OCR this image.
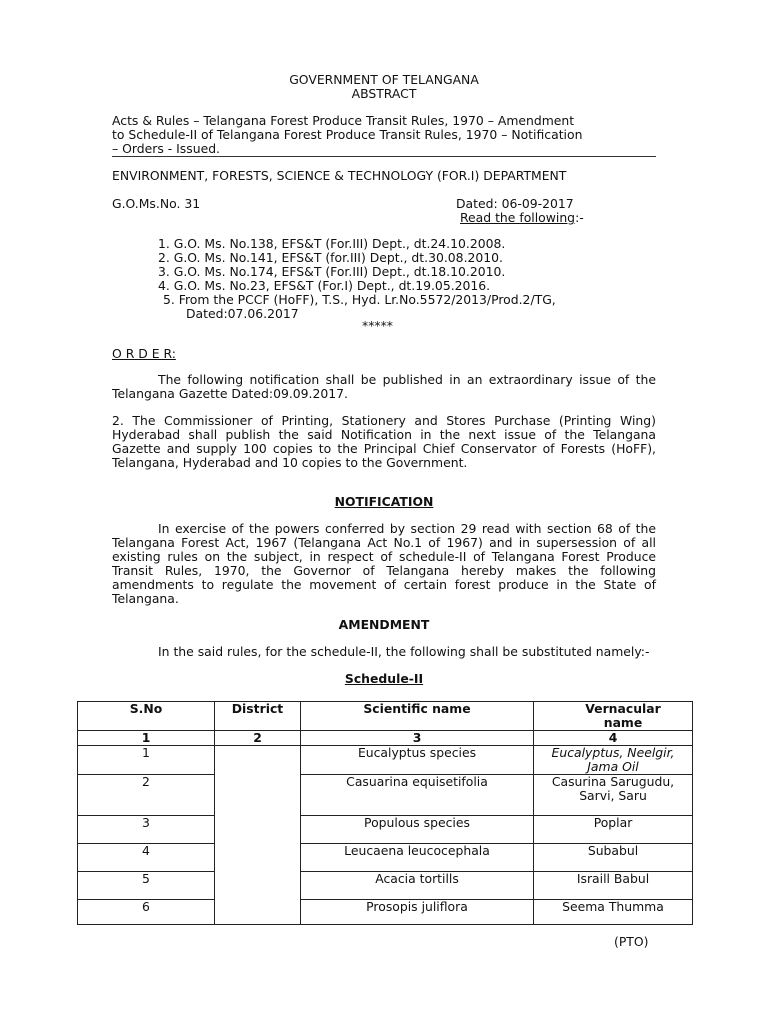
GOVERNMENT OF TELANGANA
ABSTRACT
Acts & Rules – Telangana Forest Produce Transit Rules, 1970 – Amendment
to Schedule-II of Telangana Forest Produce Transit Rules, 1970 – Notification
– Orders - Issued.
ENVIRONMENT, FORESTS, SCIENCE & TECHNOLOGY (FOR.I) DEPARTMENT
G.O.Ms.No. 31	Dated: 06-09-2017
Read the following:-
1. G.O. Ms. No.138, EFS&T (For.III) Dept., dt.24.10.2008.
2. G.O. Ms. No.141, EFS&T (for.III) Dept., dt.30.08.2010.
3. G.O. Ms. No.174, EFS&T (For.III) Dept., dt.18.10.2010.
4. G.O. Ms. No.23, EFS&T (For.I) Dept., dt.19.05.2016.
5. From the PCCF (HoFF), T.S., Hyd. Lr.No.5572/2013/Prod.2/TG,
Dated:07.06.2017
*****
O R D E R:
The following notification shall be published in an extraordinary issue of the Telangana Gazette Dated:09.09.2017.
2. The Commissioner of Printing, Stationery and Stores Purchase (Printing Wing) Hyderabad shall publish the said Notification in the next issue of the Telangana Gazette and supply 100 copies to the Principal Chief Conservator of Forests (HoFF), Telangana, Hyderabad and 10 copies to the Government.
NOTIFICATION
In exercise of the powers conferred by section 29 read with section 68 of the Telangana Forest Act, 1967 (Telangana Act No.1 of 1967) and in supersession of all existing rules on the subject, in respect of schedule-II of Telangana Forest Produce Transit Rules, 1970, the Governor of Telangana hereby makes the following amendments to regulate the movement of certain forest produce in the State of Telangana.
AMENDMENT
In the said rules, for the schedule-II, the following shall be substituted namely:-
Schedule-II
S.No	District	Scientific name	Vernacular name
1	2	3	4
1		Eucalyptus species	Eucalyptus, Neelgir, Jama Oil
2		Casuarina equisetifolia	Casurina Sarugudu, Sarvi, Saru
3		Populous species	Poplar
4		Leucaena leucocephala	Subabul
5		Acacia tortills	Israill Babul
6		Prosopis juliflora	Seema Thumma
(PTO)
